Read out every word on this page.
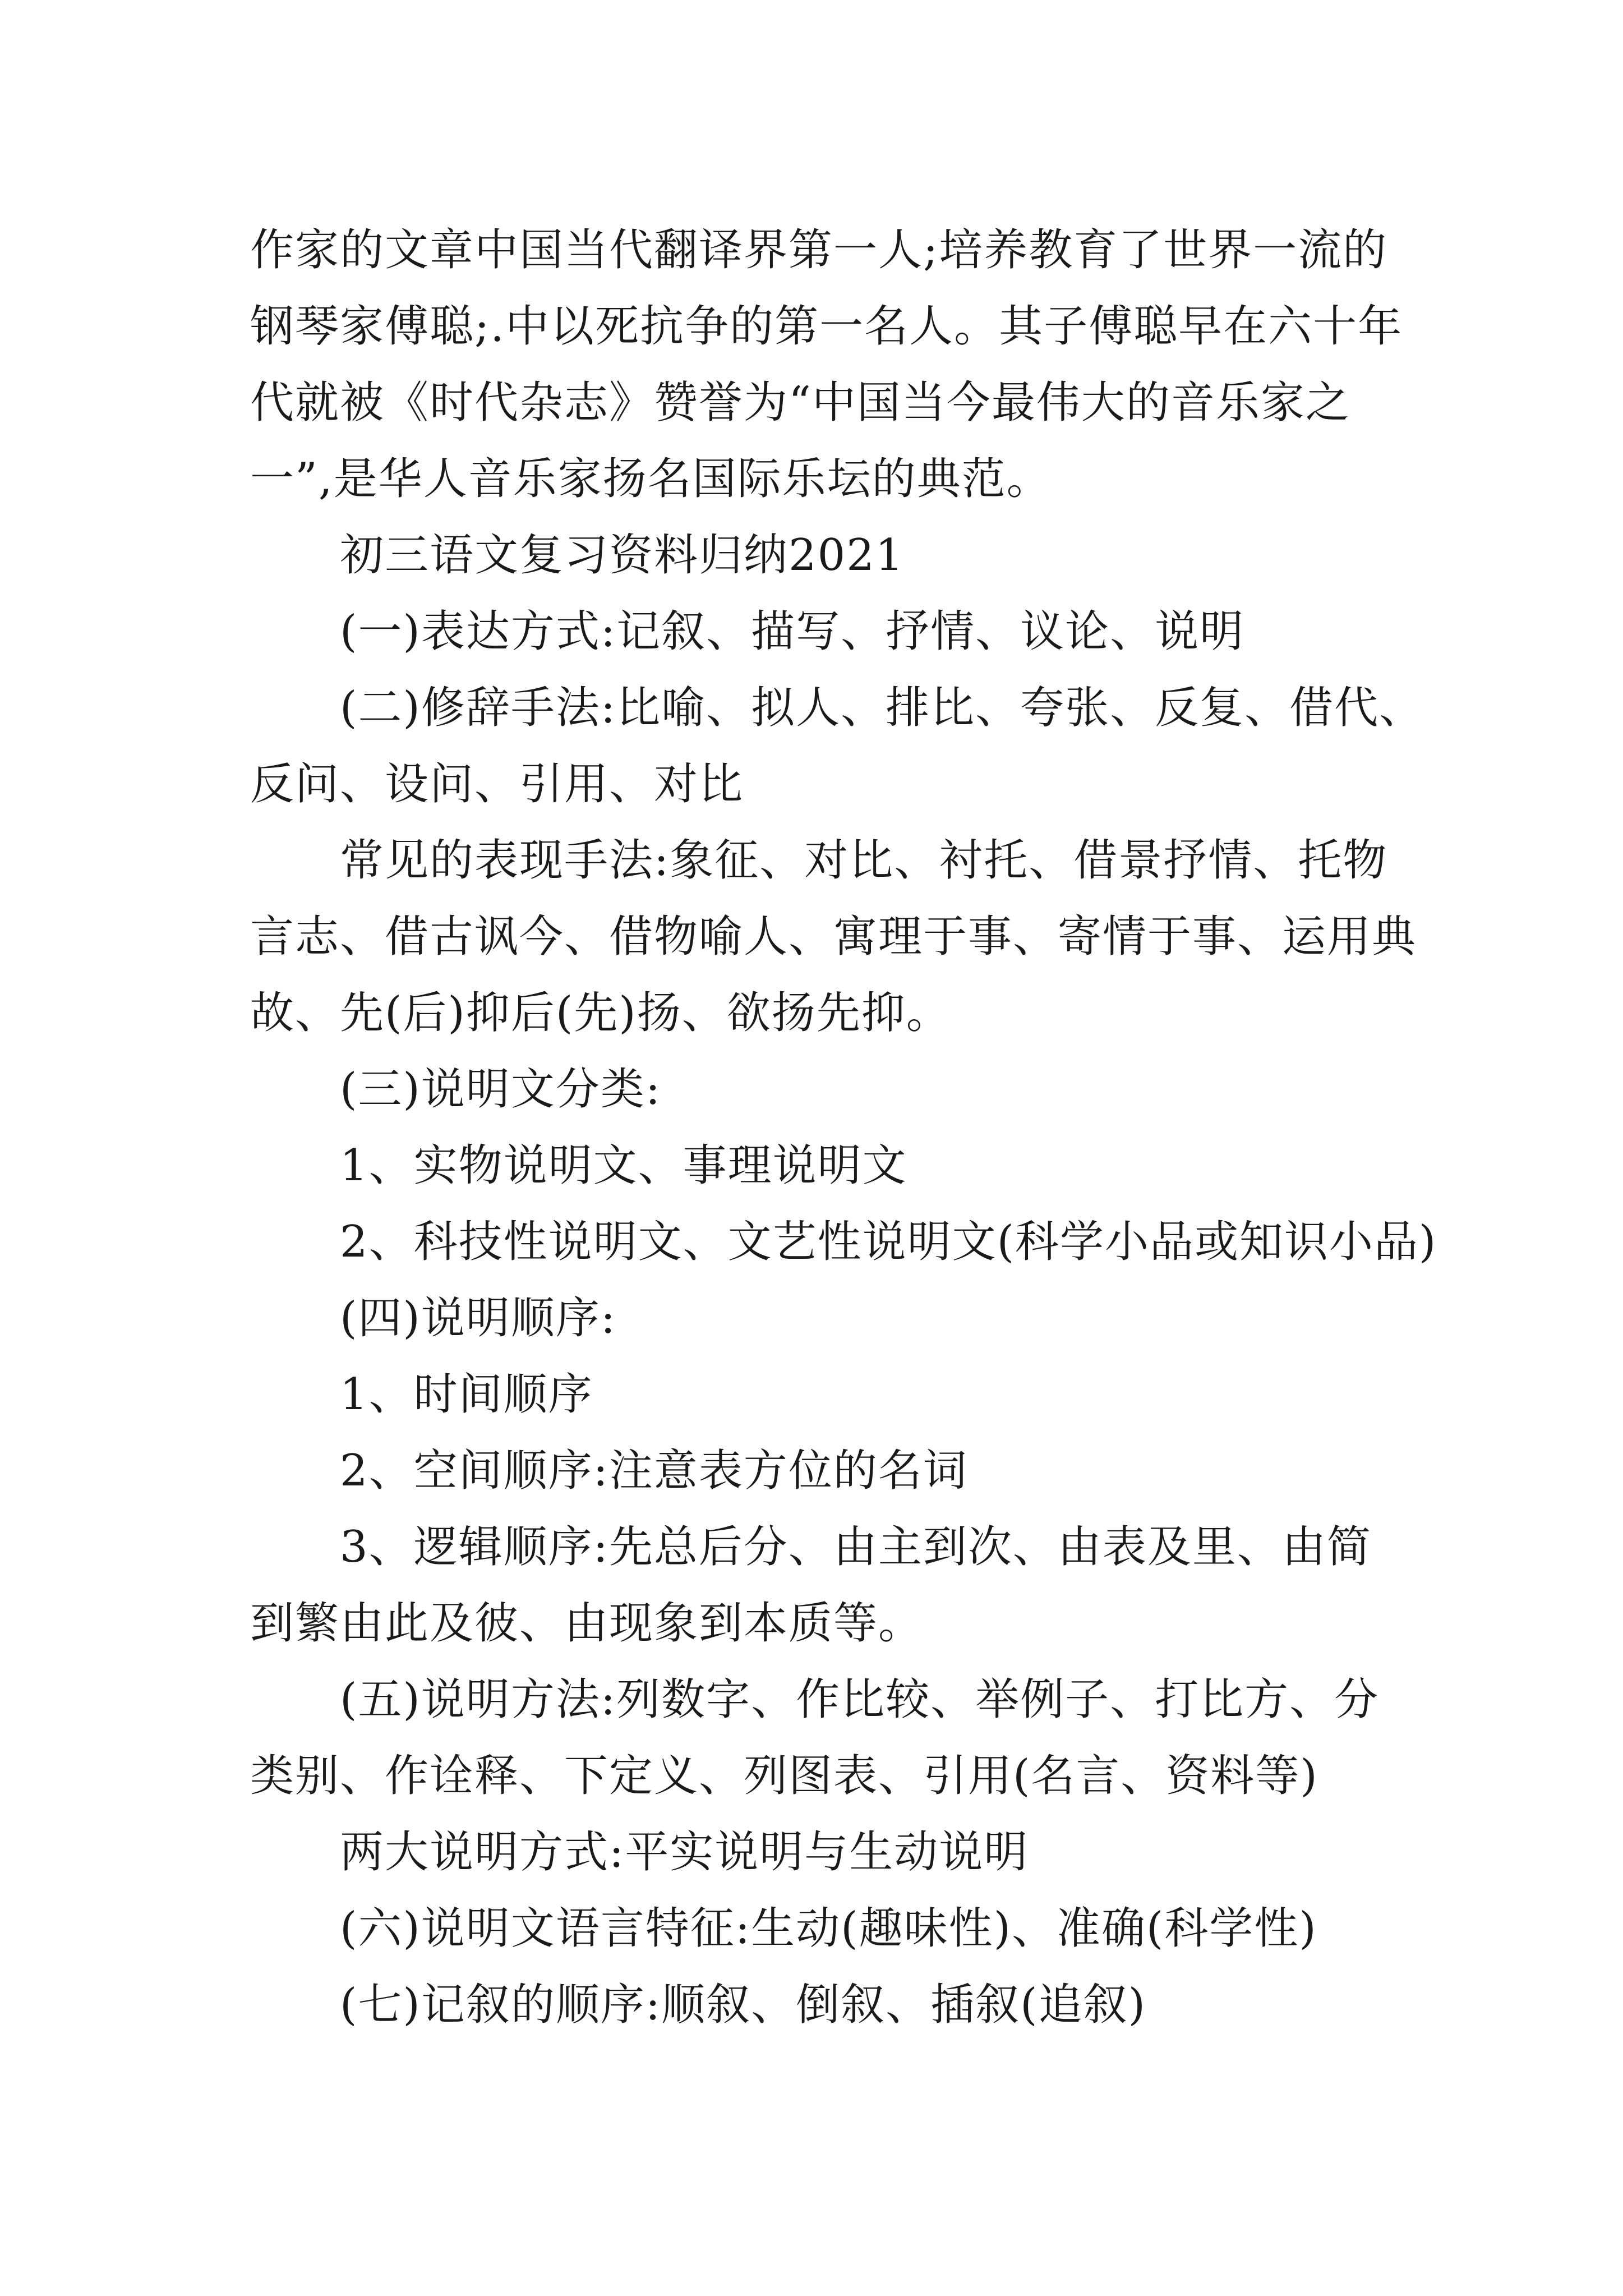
作家的文章中国当代翻译界第一人;培养教育了世界一流的
钢琴家傅聪;.中以死抗争的第一名人。其子傅聪早在六十年
代就被《时代杂志》赞誉为“中国当今最伟大的音乐家之
一”,是华人音乐家扬名国际乐坛的典范。
初三语文复习资料归纳2021
(一)表达方式:记叙、描写、抒情、议论、说明
(二)修辞手法:比喻、拟人、排比、夸张、反复、借代、
反问、设问、引用、对比
常见的表现手法:象征、对比、衬托、借景抒情、托物
言志、借古讽今、借物喻人、寓理于事、寄情于事、运用典
故、先(后)抑后(先)扬、欲扬先抑。
(三)说明文分类:
1、实物说明文、事理说明文
2、科技性说明文、文艺性说明文(科学小品或知识小品)
(四)说明顺序:
1、时间顺序
2、空间顺序:注意表方位的名词
3、逻辑顺序:先总后分、由主到次、由表及里、由简
到繁由此及彼、由现象到本质等。
(五)说明方法:列数字、作比较、举例子、打比方、分
类别、作诠释、下定义、列图表、引用(名言、资料等)
两大说明方式:平实说明与生动说明
(六)说明文语言特征:生动(趣味性)、准确(科学性)
(七)记叙的顺序:顺叙、倒叙、插叙(追叙)
